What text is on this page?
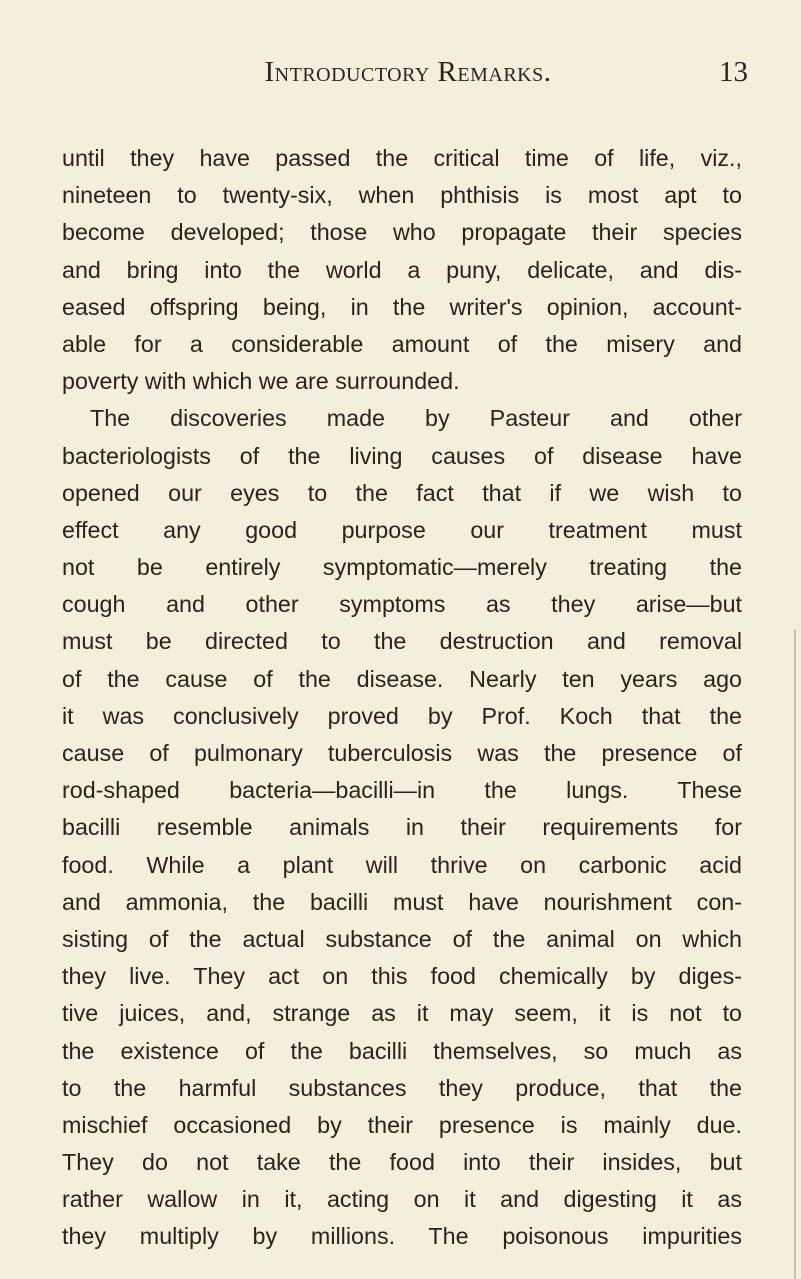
Introductory Remarks.	13
until they have passed the critical time of life, viz.,
nineteen to twenty-six, when phthisis is most apt to
become developed; those who propagate their species
and bring into the world a puny, delicate, and dis-
eased offspring being, in the writer's opinion, account-
able for a considerable amount of the misery and
poverty with which we are surrounded.
The discoveries made by Pasteur and other
bacteriologists of the living causes of disease have
opened our eyes to the fact that if we wish to
effect any good purpose our treatment must
not be entirely symptomatic—merely treating the
cough and other symptoms as they arise—but
must be directed to the destruction and removal
of the cause of the disease. Nearly ten years ago
it was conclusively proved by Prof. Koch that the
cause of pulmonary tuberculosis was the presence of
rod-shaped bacteria—bacilli—in the lungs. These
bacilli resemble animals in their requirements for
food. While a plant will thrive on carbonic acid
and ammonia, the bacilli must have nourishment con-
sisting of the actual substance of the animal on which
they live. They act on this food chemically by diges-
tive juices, and, strange as it may seem, it is not to
the existence of the bacilli themselves, so much as
to the harmful substances they produce, that the
mischief occasioned by their presence is mainly due.
They do not take the food into their insides, but
rather wallow in it, acting on it and digesting it as
they multiply by millions. The poisonous impurities
